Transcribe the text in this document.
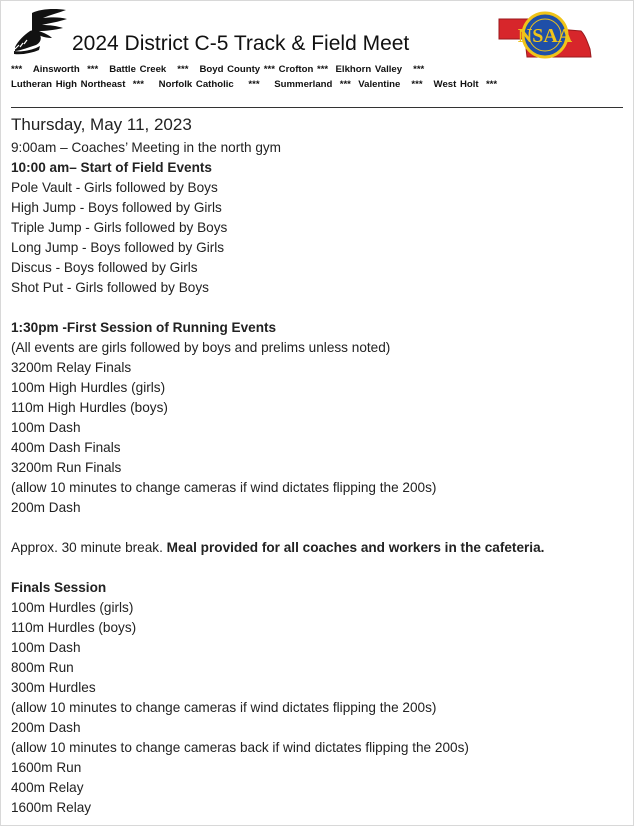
2024 District C-5 Track & Field Meet	NSAA
***   Ainsworth  ***   Battle Creek   ***   Boyd County *** Crofton ***  Elkhorn Valley   ***
Lutheran High Northeast  ***    Norfolk Catholic    ***    Summerland  ***  Valentine   ***   West Holt  ***
Thursday, May 11, 2023
9:00am – Coaches’ Meeting in the north gym
10:00 am– Start of Field Events
Pole Vault - Girls followed by Boys
High Jump - Boys followed by Girls
Triple Jump - Girls followed by Boys
Long Jump - Boys followed by Girls
Discus - Boys followed by Girls
Shot Put - Girls followed by Boys
1:30pm -First Session of Running Events
(All events are girls followed by boys and prelims unless noted)
3200m Relay Finals
100m High Hurdles (girls)
110m High Hurdles (boys)
100m Dash
400m Dash Finals
3200m Run Finals
(allow 10 minutes to change cameras if wind dictates flipping the 200s)
200m Dash
Approx. 30 minute break. Meal provided for all coaches and workers in the cafeteria.
Finals Session
100m Hurdles (girls)
110m Hurdles (boys)
100m Dash
800m Run
300m Hurdles
(allow 10 minutes to change cameras if wind dictates flipping the 200s)
200m Dash
(allow 10 minutes to change cameras back if wind dictates flipping the 200s)
1600m Run
400m Relay
1600m Relay
